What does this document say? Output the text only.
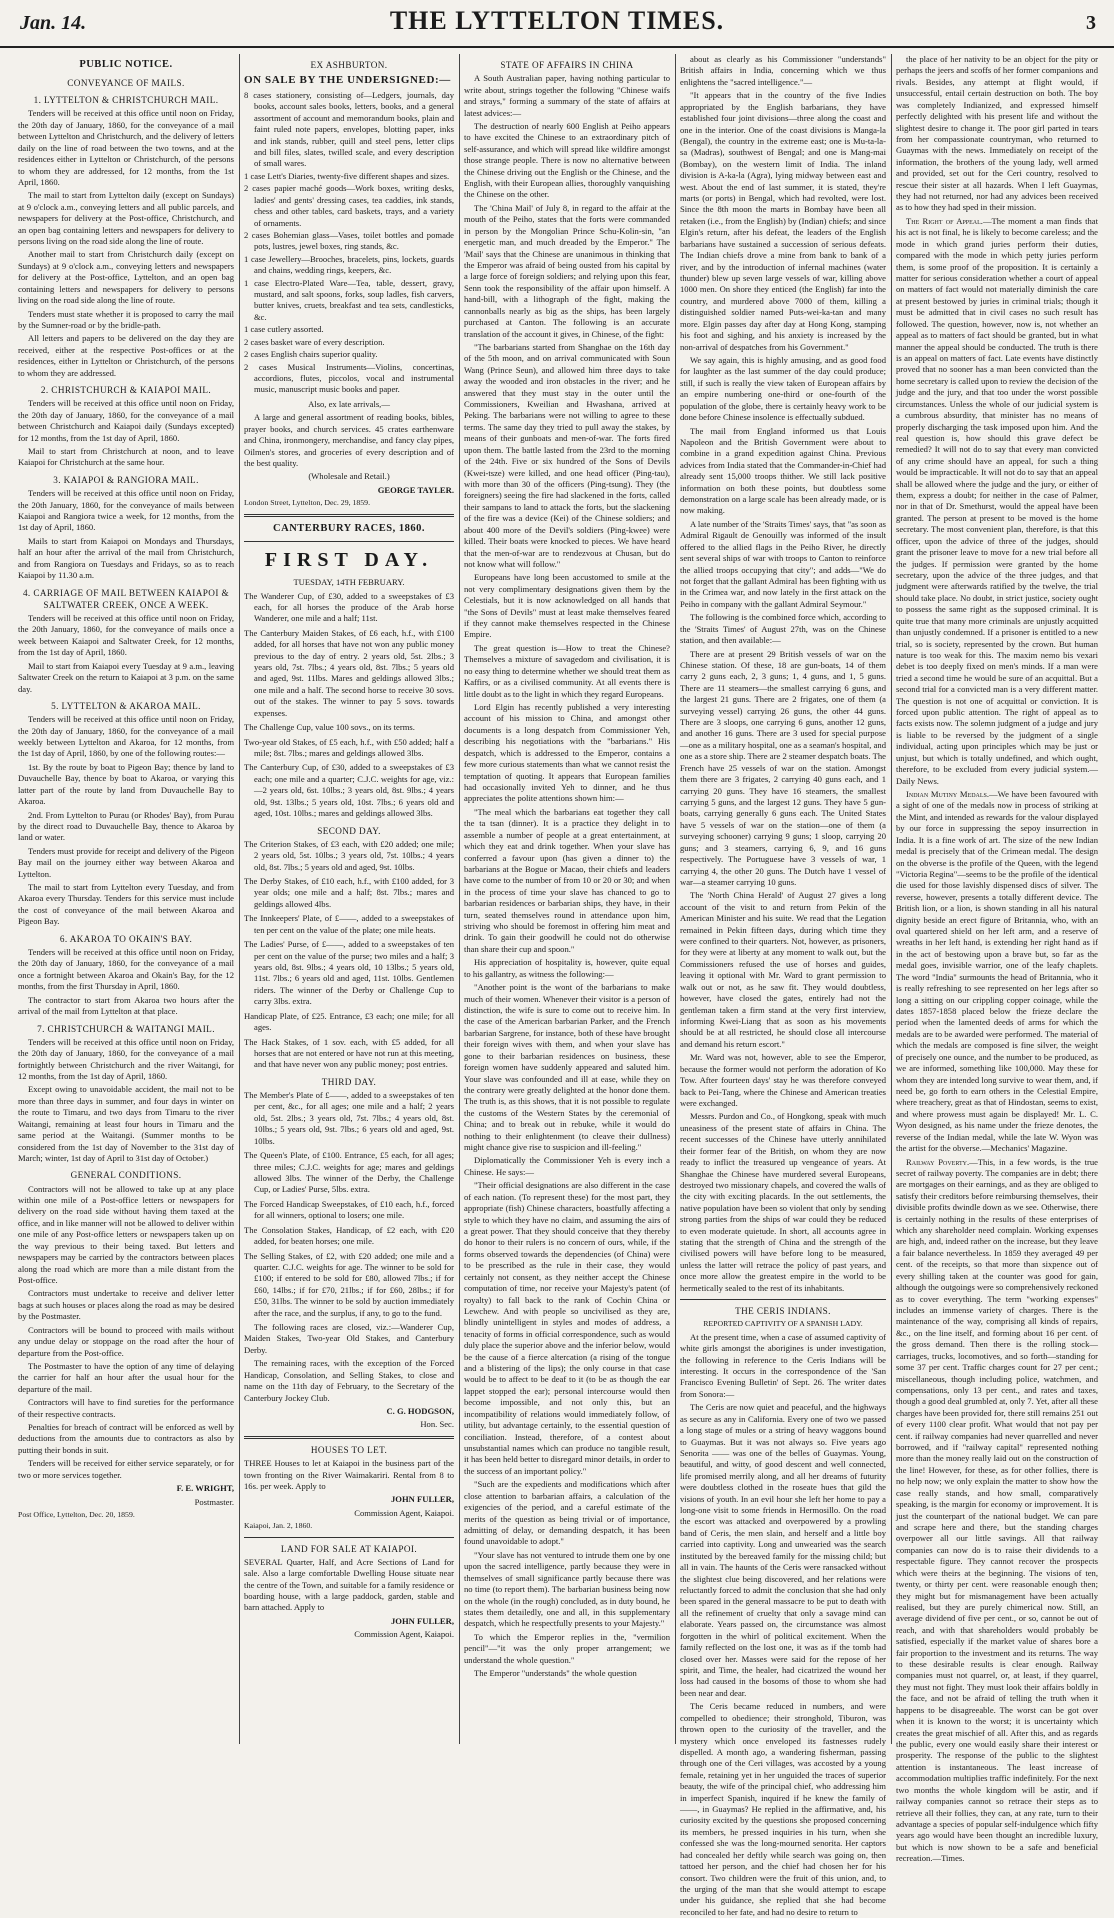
Jan. 14.	THE LYTTELTON TIMES.	3
PUBLIC NOTICE.
CONVEYANCE OF MAILS.
1. LYTTELTON & CHRISTCHURCH MAIL.

Tenders will be received at this office until noon on Friday, the 20th day of January, 1860, for the conveyance of a mail between Lyttelton and Christchurch, and the delivery of letters daily on the line of road between the two towns, and at the residences either in Lyttelton or Christchurch, of the persons to whom they are addressed, for 12 months, from the 1st April, 1860.

The mail to start from Lyttelton daily (except on Sundays) at 9 o'clock a.m., conveying letters and all public parcels, and newspapers for delivery at the Post-office, Christchurch, and an open bag containing letters and newspapers for delivery to persons living on the road side along the line of route.

Another mail to start from Christchurch daily (except on Sundays) at 9 o'clock a.m., conveying letters and newspapers for delivery at the Post-office, Lyttelton, and an open bag containing letters and newspapers for delivery to persons living on the road side along the line of route.

Tenders must state whether it is proposed to carry the mail by the Sumner-road or by the bridle-path.

All letters and papers to be delivered on the day they are received, either at the respective Post-offices or at the residences, either in Lyttelton or Christchurch, of the persons to whom they are addressed.

2. CHRISTCHURCH & KAIAPOI MAIL.

Tenders will be received at this office until noon on Friday, the 20th day of January, 1860, for the conveyance of a mail between Christchurch and Kaiapoi daily (Sundays excepted) for 12 months, from the 1st day of April, 1860.

Mail to start from Christchurch at noon, and to leave Kaiapoi for Christchurch at the same hour.

3. KAIAPOI & RANGIORA MAIL.

Tenders will be received at this office until noon on Friday, the 20th January, 1860, for the conveyance of mails between Kaiapoi and Rangiora twice a week, for 12 months, from the 1st day of April, 1860.

Mails to start from Kaiapoi on Mondays and Thursdays, half an hour after the arrival of the mail from Christchurch, and from Rangiora on Tuesdays and Fridays, so as to reach Kaiapoi by 11.30 a.m.

4. CARRIAGE OF MAIL BETWEEN KAIAPOI & SALTWATER CREEK, ONCE A WEEK.

Tenders will be received at this office until noon on Friday, the 20th January, 1860, for the conveyance of mails once a week between Kaiapoi and Saltwater Creek, for 12 months, from the 1st day of April, 1860.

Mail to start from Kaiapoi every Tuesday at 9 a.m., leaving Saltwater Creek on the return to Kaiapoi at 3 p.m. on the same day.

5. LYTTELTON & AKAROA MAIL.

Tenders will be received at this office until noon on Friday, the 20th day of January, 1860, for the conveyance of a mail weekly between Lyttelton and Akaroa, for 12 months, from the 1st day of April, 1860, by one of the following routes:—

1st. By the route by boat to Pigeon Bay; thence by land to Duvauchelle Bay, thence by boat to Akaroa, or varying this latter part of the route by land from Duvauchelle Bay to Akaroa.

2nd. From Lyttelton to Purau (or Rhodes' Bay), from Purau by the direct road to Duvauchelle Bay, thence to Akaroa by land or water.

Tenders must provide for receipt and delivery of the Pigeon Bay mail on the journey either way between Akaroa and Lyttelton.

The mail to start from Lyttelton every Tuesday, and from Akaroa every Thursday. Tenders for this service must include the cost of conveyance of the mail between Akaroa and Pigeon Bay.

6. AKAROA TO OKAIN'S BAY.

Tenders will be received at this office until noon on Friday, the 20th day of January, 1860, for the conveyance of a mail once a fortnight between Akaroa and Okain's Bay, for the 12 months, from the first Thursday in April, 1860.

The contractor to start from Akaroa two hours after the arrival of the mail from Lyttelton at that place.

7. CHRISTCHURCH & WAITANGI MAIL.

Tenders will be received at this office until noon on Friday, the 20th day of January, 1860, for the conveyance of a mail fortnightly between Christchurch and the river Waitangi, for 12 months, from the 1st day of April, 1860.

Except owing to unavoidable accident, the mail not to be more than three days in summer, and four days in winter on the route to Timaru, and two days from Timaru to the river Waitangi, remaining at least four hours in Timaru and the same period at the Waitangi. (Summer months to be considered from the 1st day of November to the 31st day of March; winter, 1st day of April to 31st day of October.)

GENERAL CONDITIONS.

Contractors will not be allowed to take up at any place within one mile of a Post-office letters or newspapers for delivery on the road side without having them taxed at the office, and in like manner will not be allowed to deliver within one mile of any Post-office letters or newspapers taken up on the way previous to their being taxed. But letters and newspapers may be carried by the contractors between places along the road which are more than a mile distant from the Post-office.

Contractors must undertake to receive and deliver letter bags at such houses or places along the road as may be desired by the Postmaster.

Contractors will be bound to proceed with mails without any undue delay or stoppage on the road after the hour of departure from the Post-office.

The Postmaster to have the option of any time of delaying the carrier for half an hour after the usual hour for the departure of the mail.

Contractors will have to find sureties for the performance of their respective contracts.

Penalties for breach of contract will be enforced as well by deductions from the amounts due to contractors as also by putting their bonds in suit.

Tenders will be received for either service separately, or for two or more services together.

F. E. WRIGHT,

Postmaster.

Post Office, Lyttelton, Dec. 20, 1859.

EX ASHBURTON.

ON SALE BY THE UNDERSIGNED:—

8 cases stationery, consisting of—Ledgers, journals, day books, account sales books, letters, books, and a general assortment of account and memorandum books, plain and faint ruled note papers, envelopes, blotting paper, inks and ink stands, rubber, quill and steel pens, letter clips and bill files, slates, twilled scale, and every description of small wares.
1 case Lett's Diaries, twenty-five different shapes and sizes.
2 cases papier maché goods—Work boxes, writing desks, ladies' and gents' dressing cases, tea caddies, ink stands, chess and other tables, card baskets, trays, and a variety of ornaments.
2 cases Bohemian glass—Vases, toilet bottles and pomade pots, lustres, jewel boxes, ring stands, &c.
1 case Jewellery—Brooches, bracelets, pins, lockets, guards and chains, wedding rings, keepers, &c.
1 case Electro-Plated Ware—Tea, table, dessert, gravy, mustard, and salt spoons, forks, soup ladles, fish carvers, butter knives, cruets, breakfast and tea sets, candlesticks, &c.
1 case cutlery assorted.
2 cases basket ware of every description.
2 cases English chairs superior quality.
2 cases Musical Instruments—Violins, concertinas, accordions, flutes, piccolos, vocal and instrumental music, manuscript music books and paper.

Also, ex late arrivals,—

A large and general assortment of reading books, bibles, prayer books, and church services. 45 crates earthenware and China, ironmongery, merchandise, and fancy clay pipes, Oilmen's stores, and groceries of every description and of the best quality.

(Wholesale and Retail.)

GEORGE TAYLER.

London Street, Lyttelton, Dec. 29, 1859.

CANTERBURY RACES, 1860.
FIRST DAY.

TUESDAY, 14TH FEBRUARY.

The Wanderer Cup, of £30, added to a sweepstakes of £3 each, for all horses the produce of the Arab horse Wanderer, one mile and a half; 11st.

The Canterbury Maiden Stakes, of £6 each, h.f., with £100 added, for all horses that have not won any public money previous to the day of entry. 2 years old, 5st. 2lbs.; 3 years old, 7st. 7lbs.; 4 years old, 8st. 7lbs.; 5 years old and aged, 9st. 11lbs. Mares and geldings allowed 3lbs.; one mile and a half. The second horse to receive 30 sovs. out of the stakes. The winner to pay 5 sovs. towards expenses.

The Challenge Cup, value 100 sovs., on its terms.

Two-year old Stakes, of £5 each, h.f., with £50 added; half a mile; 8st. 7lbs.; mares and geldings allowed 3lbs.

The Canterbury Cup, of £30, added to a sweepstakes of £3 each; one mile and a quarter; C.J.C. weights for age, viz.:—2 years old, 6st. 10lbs.; 3 years old, 8st. 9lbs.; 4 years old, 9st. 13lbs.; 5 years old, 10st. 7lbs.; 6 years old and aged, 10st. 10lbs.; mares and geldings allowed 3lbs.

SECOND DAY.

The Criterion Stakes, of £3 each, with £20 added; one mile; 2 years old, 5st. 10lbs.; 3 years old, 7st. 10lbs.; 4 years old, 8st. 7lbs.; 5 years old and aged, 9st. 10lbs.

The Derby Stakes, of £10 each, h.f., with £100 added, for 3 year olds; one mile and a half; 8st. 7lbs.; mares and geldings allowed 4lbs.

The Innkeepers' Plate, of £——, added to a sweepstakes of ten per cent on the value of the plate; one mile heats.

The Ladies' Purse, of £——, added to a sweepstakes of ten per cent on the value of the purse; two miles and a half; 3 years old, 8st. 9lbs.; 4 years old, 10 13lbs.; 5 years old, 11st. 7lbs.; 6 years old and aged, 11st. 10lbs. Gentlemen riders. The winner of the Derby or Challenge Cup to carry 3lbs. extra.

Handicap Plate, of £25. Entrance, £3 each; one mile; for all ages.

The Hack Stakes, of 1 sov. each, with £5 added, for all horses that are not entered or have not run at this meeting, and that have never won any public money; post entries.

THIRD DAY.

The Member's Plate of £——, added to a sweepstakes of ten per cent, &c., for all ages; one mile and a half; 2 years old, 5st. 2lbs.; 3 years old, 7st. 7lbs.; 4 years old, 8st. 10lbs.; 5 years old, 9st. 7lbs.; 6 years old and aged, 9st. 10lbs.

The Queen's Plate, of £100. Entrance, £5 each, for all ages; three miles; C.J.C. weights for age; mares and geldings allowed 3lbs. The winner of the Derby, the Challenge Cup, or Ladies' Purse, 5lbs. extra.

The Forced Handicap Sweepstakes, of £10 each, h.f., forced for all winners, optional to losers; one mile.

The Consolation Stakes, Handicap, of £2 each, with £20 added, for beaten horses; one mile.

The Selling Stakes, of £2, with £20 added; one mile and a quarter. C.J.C. weights for age. The winner to be sold for £100; if entered to be sold for £80, allowed 7lbs.; if for £60, 14lbs.; if for £70, 21lbs.; if for £60, 28lbs.; if for £50, 31lbs. The winner to be sold by auction immediately after the race, and the surplus, if any, to go to the fund.

The following races are closed, viz.:—Wanderer Cup, Maiden Stakes, Two-year Old Stakes, and Canterbury Derby.

The remaining races, with the exception of the Forced Handicap, Consolation, and Selling Stakes, to close and name on the 11th day of February, to the Secretary of the Canterbury Jockey Club.

C. G. HODGSON,

Hon. Sec.

HOUSES TO LET.

THREE Houses to let at Kaiapoi in the business part of the town fronting on the River Waimakariri. Rental from 8 to 16s. per week. Apply to

JOHN FULLER,

Commission Agent, Kaiapoi.

Kaiapoi, Jan. 2, 1860.

LAND FOR SALE AT KAIAPOI.

SEVERAL Quarter, Half, and Acre Sections of Land for sale. Also a large comfortable Dwelling House situate near the centre of the Town, and suitable for a family residence or boarding house, with a large paddock, garden, stable and barn attached. Apply to

JOHN FULLER,

Commission Agent, Kaiapoi.

STATE OF AFFAIRS IN CHINA

A South Australian paper, having nothing particular to write about, strings together the following "Chinese waifs and strays," forming a summary of the state of affairs at latest advices:—

The destruction of nearly 600 English at Peiho appears to have excited the Chinese to an extraordinary pitch of self-assurance, and which will spread like wildfire amongst those strange people. There is now no alternative between the Chinese driving out the English or the Chinese, and the English, with their European allies, thoroughly vanquishing the Chinese on the other.

The 'China Mail' of July 8, in regard to the affair at the mouth of the Peiho, states that the forts were commanded in person by the Mongolian Prince Schu-Kolin-sin, "an energetic man, and much dreaded by the Emperor." The 'Mail' says that the Chinese are unanimous in thinking that the Emperor was afraid of being ousted from his capital by a large force of foreign soldiers; and relying upon this fear, Senn took the responsibility of the affair upon himself. A hand-bill, with a lithograph of the fight, making the cannonballs nearly as big as the ships, has been largely purchased at Canton. The following is an accurate translation of the account it gives, in Chinese, of the fight:

"The barbarians started from Shanghae on the 16th day of the 5th moon, and on arrival communicated with Soun Wang (Prince Seun), and allowed him three days to take away the wooded and iron obstacles in the river; and he answered that they must stay in the outer until the Commissioners, Kweilian and Hwashana, arrived at Peking. The barbarians were not willing to agree to these terms. The same day they tried to pull away the stakes, by means of their gunboats and men-of-war. The forts fired upon them. The battle lasted from the 23rd to the morning of the 24th. Five or six hundred of the Sons of Devils (Kwei-tsze) were killed, and one head officer (Ping-tau), with more than 30 of the officers (Ping-tsung). They (the foreigners) seeing the fire had slackened in the forts, called their sampans to land to attack the forts, but the slackening of the fire was a device (Kei) of the Chinese soldiers; and about 400 more of the Devil's soldiers (Ping-kwee) were killed. Their boats were knocked to pieces. We have heard that the men-of-war are to rendezvous at Chusan, but do not know what will follow."

Europeans have long been accustomed to smile at the not very complimentary designations given them by the Celestials, but it is now acknowledged on all hands that "the Sons of Devils" must at least make themselves feared if they cannot make themselves respected in the Chinese Empire.

The great question is—How to treat the Chinese? Themselves a mixture of savagedom and civilisation, it is no easy thing to determine whether we should treat them as Kaffirs, or as a civilised community. At all events there is little doubt as to the light in which they regard Europeans.

Lord Elgin has recently published a very interesting account of his mission to China, and amongst other documents is a long despatch from Commissioner Yeh, describing his negotiations with the "barbarians." His despatch, which is addressed to the Emperor, contains a few more curious statements than what we cannot resist the temptation of quoting. It appears that European families had occasionally invited Yeh to dinner, and he thus appreciates the polite attentions shown him:—

"The meal which the barbarians eat together they call the ta tsan (dinner). It is a practice they delight in to assemble a number of people at a great entertainment, at which they eat and drink together. When your slave has conferred a favour upon (has given a dinner to) the barbarians at the Bogue or Macao, their chiefs and leaders have come to the number of from 10 or 20 or 30; and when in the process of time your slave has chanced to go to barbarian residences or barbarian ships, they have, in their turn, seated themselves round in attendance upon him, striving who should be foremost in offering him meat and drink. To gain their goodwill he could not do otherwise than share their cup and spoon."

His appreciation of hospitality is, however, quite equal to his gallantry, as witness the following:—

"Another point is the wont of the barbarians to make much of their women. Whenever their visitor is a person of distinction, the wife is sure to come out to receive him. In the case of the American barbarian Parker, and the French barbarian Sargrene, for instance, both of these have brought their foreign wives with them, and when your slave has gone to their barbarian residences on business, these foreign women have suddenly appeared and saluted him. Your slave was confounded and ill at ease, while they on the contrary were greatly delighted at the honor done them. The truth is, as this shows, that it is not possible to regulate the customs of the Western States by the ceremonial of China; and to break out in rebuke, while it would do nothing to their enlightenment (to cleave their dullness) might chance give rise to suspicion and ill-feeling."

Diplomatically the Commissioner Yeh is every inch a Chinese. He says:—

"Their official designations are also different in the case of each nation. (To represent these) for the most part, they appropriate (fish) Chinese characters, boastfully affecting a style to which they have no claim, and assuming the airs of a great power. That they should conceive that they thereby do honor to their rulers is no concern of ours, while, if the forms observed towards the dependencies (of China) were to be prescribed as the rule in their case, they would certainly not consent, as they neither accept the Chinese computation of time, nor receive your Majesty's patent (of royalty) to fall back to the rank of Cochin China or Lewchew. And with people so uncivilised as they are, blindly unintelligent in styles and modes of address, a tenacity of forms in official correspondence, such as would duly place the superior above and the inferior below, would be the cause of a fierce altercation (a rising of the tongue and a blistering of the lips); the only course in that case would be to affect to be deaf to it (to be as though the ear lappet stopped the ear); personal intercourse would then become impossible, and not only this, but an incompatibility of relations would immediately follow, of utility, but advantage certainly, to the essential question of conciliation. Instead, therefore, of a contest about unsubstantial names which can produce no tangible result, it has been held better to disregard minor details, in order to the success of an important policy."

"Such are the expedients and modifications which after close attention to barbarian affairs, a calculation of the exigencies of the period, and a careful estimate of the merits of the question as being trivial or of importance, admitting of delay, or demanding despatch, it has been found unavoidable to adopt."

"Your slave has not ventured to intrude them one by one upon the sacred intelligence, partly because they were in themselves of small significance partly because there was no time (to report them). The barbarian business being now on the whole (in the rough) concluded, as in duty bound, he states them detailedly, one and all, in this supplementary despatch, which he respectfully presents to your Majesty."

To which the Emperor replies in the, "vermilion pencil"—"it was the only proper arrangement; we understand the whole question."

The Emperor "understands" the whole question

about as clearly as his Commissioner "understands" British affairs in India, concerning which we thus enlightens the "sacred intelligence."—

"It appears that in the country of the five Indies appropriated by the English barbarians, they have established four joint divisions—three along the coast and one in the interior. One of the coast divisions is Manga-la (Bengal), the country in the extreme east; one is Mu-ta-la-sa (Madras), southwest of Bengal; and one is Mang-mai (Bombay), on the western limit of India. The inland division is A-ka-la (Agra), lying midway between east and west. About the end of last summer, it is stated, they're marts (or ports) in Bengal, which had revolted, were lost. Since the 8th moon the marts in Bombay have been all retaken (i.e., from the English) by (Indian) chiefs; and since Elgin's return, after his defeat, the leaders of the English barbarians have sustained a succession of serious defeats. The Indian chiefs drove a mine from bank to bank of a river, and by the introduction of infernal machines (water thunder) blew up seven large vessels of war, killing above 1000 men. On shore they enticed (the English) far into the country, and murdered above 7000 of them, killing a distinguished soldier named Puts-wei-ka-tan and many more. Elgin passes day after day at Hong Kong, stamping his foot and sighing, and his anxiety is increased by the non-arrival of despatches from his Government."

We say again, this is highly amusing, and as good food for laughter as the last summer of the day could produce; still, if such is really the view taken of European affairs by an empire numbering one-third or one-fourth of the population of the globe, there is certainly heavy work to be done before Chinese insolence is effectually subdued.

The mail from England informed us that Louis Napoleon and the British Government were about to combine in a grand expedition against China. Previous advices from India stated that the Commander-in-Chief had already sent 15,000 troops thither. We still lack positive information on both these points, but doubtless some demonstration on a large scale has been already made, or is now making.

A late number of the 'Straits Times' says, that "as soon as Admiral Rigault de Genouilly was informed of the insult offered to the allied flags in the Peiho River, he directly sent several ships of war with troops to Canton to reinforce the allied troops occupying that city"; and adds—"We do not forget that the gallant Admiral has been fighting with us in the Crimea war, and now lately in the first attack on the Peiho in company with the gallant Admiral Seymour."

The following is the combined force which, according to the 'Straits Times' of August 27th, was on the Chinese station, and then available:—

There are at present 29 British vessels of war on the Chinese station. Of these, 18 are gun-boats, 14 of them carry 2 guns each, 2, 3 guns; 1, 4 guns, and 1, 5 guns. There are 11 steamers—the smallest carrying 6 guns, and the largest 21 guns. There are 2 frigates, one of them (a surveying vessel) carrying 26 guns, the other 44 guns. There are 3 sloops, one carrying 6 guns, another 12 guns, and another 16 guns. There are 3 used for special purpose—one as a military hospital, one as a seaman's hospital, and one as a store ship. There are 2 steamer despatch boats. The French have 25 vessels of war on the station. Amongst them there are 3 frigates, 2 carrying 40 guns each, and 1 carrying 20 guns. They have 16 steamers, the smallest carrying 5 guns, and the largest 12 guns. They have 5 gun-boats, carrying generally 6 guns each. The United States have 5 vessels of war on the station—one of them (a surveying schooner) carrying 9 guns; 1 sloop, carrying 20 guns; and 3 steamers, carrying 6, 9, and 16 guns respectively. The Portuguese have 3 vessels of war, 1 carrying 4, the other 20 guns. The Dutch have 1 vessel of war—a steamer carrying 10 guns.

The 'North China Herald' of August 27 gives a long account of the visit to and return from Pekin of the American Minister and his suite. We read that the Legation remained in Pekin fifteen days, during which time they were confined to their quarters. Not, however, as prisoners, for they were at liberty at any moment to walk out, but the Commissioners refused the use of horses and guides, leaving it optional with Mr. Ward to grant permission to walk out or not, as he saw fit. They would doubtless, however, have closed the gates, entirely had not the gentleman taken a firm stand at the very first interview, informing Kwei-Liang that as soon as his movements should be at all restricted, he should close all intercourse and demand his return escort."

Mr. Ward was not, however, able to see the Emperor, because the former would not perform the adoration of Ko Tow. After fourteen days' stay he was therefore conveyed back to Pei-Tang, where the Chinese and American treaties were exchanged.

Messrs. Purdon and Co., of Hongkong, speak with much uneasiness of the present state of affairs in China. The recent successes of the Chinese have utterly annihilated their former fear of the British, on whom they are now ready to inflict the treasured up vengeance of years. At Shanghae the Chinese have murdered several Europeans, destroyed two missionary chapels, and covered the walls of the city with exciting placards. In the out settlements, the native population have been so violent that only by sending strong parties from the ships of war could they be reduced to even moderate quietude. In short, all accounts agree in stating that the strength of China and the strength of the civilised powers will have before long to be measured, unless the latter will retrace the policy of past years, and once more allow the greatest empire in the world to be hermetically sealed to the rest of its inhabitants.

THE CERIS INDIANS.

REPORTED CAPTIVITY OF A SPANISH LADY.

At the present time, when a case of assumed captivity of white girls amongst the aborigines is under investigation, the following in reference to the Ceris Indians will be interesting. It occurs in the correspondence of the 'San Francisco Evening Bulletin' of Sept. 26. The writer dates from Sonora:—

The Ceris are now quiet and peaceful, and the highways as secure as any in California. Every one of two we passed a long stage of mules or a string of heavy waggons bound to Guaymas. But it was not always so. Five years ago Senorita —— was one of the belles of Guaymas. Young, beautiful, and witty, of good descent and well connected, life promised merrily along, and all her dreams of futurity were doubtless clothed in the roseate hues that gild the visions of youth. In an evil hour she left her home to pay a long-one visit to some friends in Hermosillo. On the road the escort was attacked and overpowered by a prowling band of Ceris, the men slain, and herself and a little boy carried into captivity. Long and unwearied was the search instituted by the bereaved family for the missing child; but all in vain. The haunts of the Ceris were ransacked without the slightest clue being discovered, and her relations were reluctantly forced to admit the conclusion that she had only been spared in the general massacre to be put to death with all the refinement of cruelty that only a savage mind can elaborate. Years passed on, the circumstance was almost forgotten in the whirl of political excitement. When the family reflected on the lost one, it was as if the tomb had closed over her. Masses were said for the repose of her spirit, and Time, the healer, had cicatrized the wound her loss had caused in the bosoms of those to whom she had been near and dear.

The Ceris became reduced in numbers, and were compelled to obedience; their stronghold, Tiburon, was thrown open to the curiosity of the traveller, and the mystery which once enveloped its fastnesses rudely dispelled. A month ago, a wandering fisherman, passing through one of the Ceri villages, was accosted by a young female, retaining yet in her unguided the traces of superior beauty, the wife of the principal chief, who addressing him in imperfect Spanish, inquired if he knew the family of ——, in Guaymas? He replied in the affirmative, and, his curiosity excited by the questions she proposed concerning its members, he pressed inquiries in his turn, when she confessed she was the long-mourned senorita. Her captors had concealed her deftly while search was going on, then tattoed her person, and the chief had chosen her for his consort. Two children were the fruit of this union, and, to the urging of the man that she would attempt to escape under his guidance, she replied that she had become reconciled to her fate, and had no desire to return to

the place of her nativity to be an object for the pity or perhaps the jeers and scoffs of her former companions and rivals. Besides, any attempt at flight would, if unsuccessful, entail certain destruction on both. The boy was completely Indianized, and expressed himself perfectly delighted with his present life and without the slightest desire to change it. The poor girl parted in tears from her compassionate countryman, who returned to Guaymas with the news. Immediately on receipt of the information, the brothers of the young lady, well armed and provided, set out for the Ceri country, resolved to rescue their sister at all hazards. When I left Guaymas, they had not returned, nor had any advices been received as to how they had sped in their mission.

The Right of Appeal.—The moment a man finds that his act is not final, he is likely to become careless; and the mode in which grand juries perform their duties, compared with the mode in which petty juries perform them, is some proof of the proposition. It is certainly a matter for serious consideration whether a court of appeal on matters of fact would not materially diminish the care at present bestowed by juries in criminal trials; though it must be admitted that in civil cases no such result has followed. The question, however, now is, not whether an appeal as to matters of fact should be granted, but in what manner the appeal should be conducted. The truth is there is an appeal on matters of fact. Late events have distinctly proved that no sooner has a man been convicted than the home secretary is called upon to review the decision of the judge and the jury, and that too under the worst possible circumstances. Unless the whole of our judicial system is a cumbrous absurdity, that minister has no means of properly discharging the task imposed upon him. And the real question is, how should this grave defect be remedied? It will not do to say that every man convicted of any crime should have an appeal, for such a thing would be impracticable. It will not do to say that an appeal shall be allowed where the judge and the jury, or either of them, express a doubt; for neither in the case of Palmer, nor in that of Dr. Smethurst, would the appeal have been granted. The person at present to be moved is the home secretary. The most convenient plan, therefore, is that this officer, upon the advice of three of the judges, should grant the prisoner leave to move for a new trial before all the judges. If permission were granted by the home secretary, upon the advice of the three judges, and that judgment were afterwards ratified by the twelve, the trial should take place. No doubt, in strict justice, society ought to possess the same right as the supposed criminal. It is quite true that many more criminals are unjustly acquitted than unjustly condemned. If a prisoner is entitled to a new trial, so is society, represented by the crown. But human nature is too weak for this. The maxim nemo bis vexari debet is too deeply fixed on men's minds. If a man were tried a second time he would be sure of an acquittal. But a second trial for a convicted man is a very different matter. The question is not one of acquittal or conviction. It is forced upon public attention. The right of appeal as to facts exists now. The solemn judgment of a judge and jury is liable to be reversed by the judgment of a single individual, acting upon principles which may be just or unjust, but which is totally undefined, and which ought, therefore, to be excluded from every judicial system.—Daily News.

Indian Mutiny Medals.—We have been favoured with a sight of one of the medals now in process of striking at the Mint, and intended as rewards for the valour displayed by our force in suppressing the sepoy insurrection in India. It is a fine work of art. The size of the new Indian medal is precisely that of the Crimean medal. The design on the obverse is the profile of the Queen, with the legend "Victoria Regina"—seems to be the profile of the identical die used for those lavishly dispensed discs of silver. The reverse, however, presents a totally different device. The British lion, or a lion, is shown standing in all his natural dignity beside an erect figure of Britannia, who, with an oval quartered shield on her left arm, and a reserve of wreaths in her left hand, is extending her right hand as if in the act of bestowing upon a brave but, so far as the medal goes, invisible warrior, one of the leafy chaplets. The word "India" surmounts the head of Britannia, who it is really refreshing to see represented on her legs after so long a sitting on our crippling copper coinage, while the dates 1857-1858 placed below the frieze declare the period when the lamented deeds of arms for which the medals are to be awarded were performed. The material of which the medals are composed is fine silver, the weight of precisely one ounce, and the number to be produced, as we are informed, something like 100,000. May these for whom they are intended long survive to wear them, and, if need be, go forth to earn others in the Celestial Empire, where treachery, great as that of Hindostan, seems to exist, and where prowess must again be displayed! Mr. L. C. Wyon designed, as his name under the frieze denotes, the reverse of the Indian medal, while the late W. Wyon was the artist for the obverse.—Mechanics' Magazine.

Railway Poverty.—This, in a few words, is the true secret of railway poverty. The companies are in debt; there are mortgages on their earnings, and as they are obliged to satisfy their creditors before reimbursing themselves, their divisible profits dwindle down as we see. Otherwise, there is certainly nothing in the results of these enterprises of which any shareholder need complain. Working expenses are high, and, indeed rather on the increase, but they leave a fair balance nevertheless. In 1859 they averaged 49 per cent. of the receipts, so that more than sixpence out of every shilling taken at the counter was good for gain, although the outgoings were so comprehensively reckoned as to cover everything. The term "working expenses" includes an immense variety of charges. There is the maintenance of the way, comprising all kinds of repairs, &c., on the line itself, and forming about 16 per cent. of the gross demand. Then there is the rolling stock—carriages, trucks, locomotives, and so forth—standing for some 37 per cent. Traffic charges count for 27 per cent.; miscellaneous, though including police, watchmen, and compensations, only 13 per cent., and rates and taxes, though a good deal grumbled at, only 7. Yet, after all these charges have been provided for, there still remains 251 out of every 1100 clear profit. What would that not pay per cent. if railway companies had never quarrelled and never borrowed, and if "railway capital" represented nothing more than the money really laid out on the construction of the line! However, for these, as for other follies, there is no help now; we only explain the matter to show how the case really stands, and how small, comparatively speaking, is the margin for economy or improvement. It is just the counterpart of the national budget. We can pare and scrape here and there, but the standing charges overpower all our little savings. All that railway companies can now do is to raise their dividends to a respectable figure. They cannot recover the prospects which were theirs at the beginning. The visions of ten, twenty, or thirty per cent. were reasonable enough then; they might but for mismanagement have been actually realised, but they are purely chimerical now. Still, an average dividend of five per cent., or so, cannot be out of reach, and with that shareholders would probably be satisfied, especially if the market value of shares bore a fair proportion to the investment and its returns. The way to these desirable results is clear enough. Railway companies must not quarrel, or, at least, if they quarrel, they must not fight. They must look their affairs boldly in the face, and not be afraid of telling the truth when it happens to be disagreeable. The worst can be got over when it is known to the worst; it is uncertainty which creates the great mischief of all. After this, and as regards the public, every one would easily share their interest or prosperity. The response of the public to the slightest attention is instantaneous. The least increase of accommodation multiplies traffic indefinitely. For the next two months the whole kingdom will be astir, and if railway companies cannot so retrace their steps as to retrieve all their follies, they can, at any rate, turn to their advantage a species of popular self-indulgence which fifty years ago would have been thought an incredible luxury, but which is now shown to be a safe and beneficial recreation.—Times.
